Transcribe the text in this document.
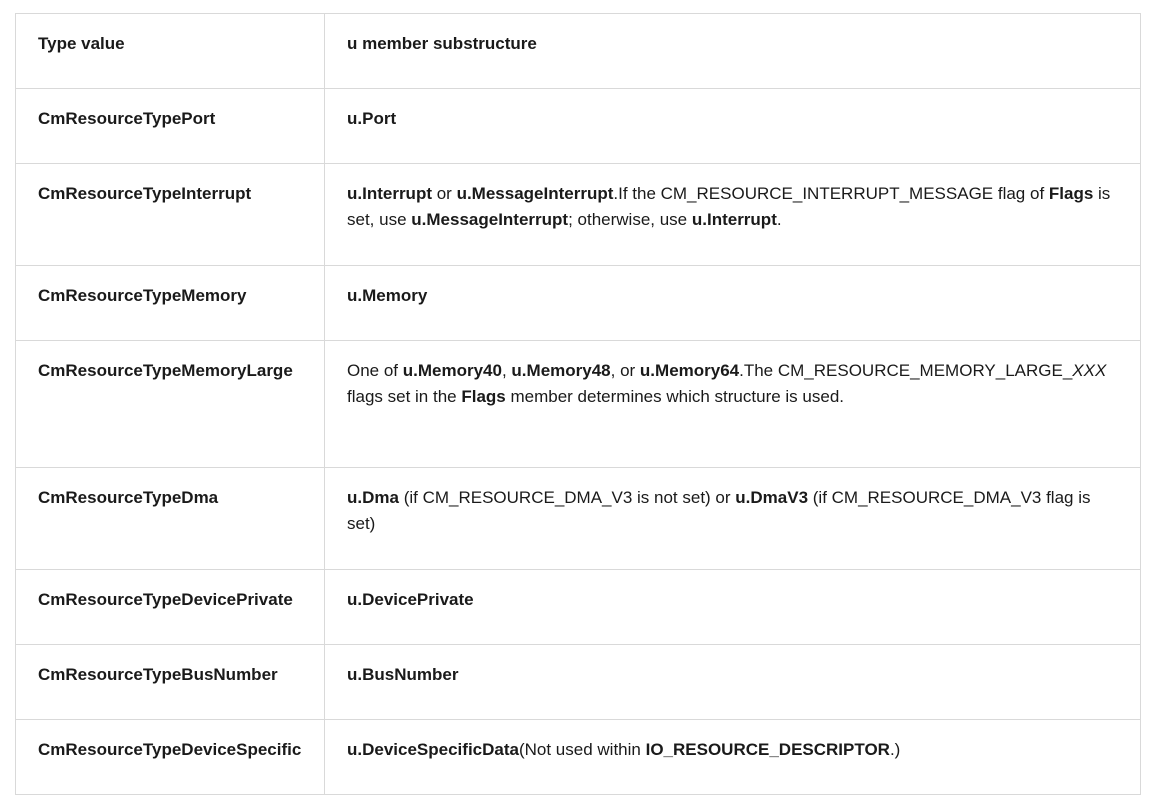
Type value	u member substructure
CmResourceTypePort	u.Port
CmResourceTypeInterrupt	u.Interrupt or u.MessageInterrupt.If the CM_RESOURCE_INTERRUPT_MESSAGE flag of Flags is set, use u.MessageInterrupt; otherwise, use u.Interrupt.
CmResourceTypeMemory	u.Memory
CmResourceTypeMemoryLarge	One of u.Memory40, u.Memory48, or u.Memory64.The CM_RESOURCE_MEMORY_LARGE_XXX flags set in the Flags member determines which structure is used.
CmResourceTypeDma	u.Dma (if CM_RESOURCE_DMA_V3 is not set) or u.DmaV3 (if CM_RESOURCE_DMA_V3 flag is set)
CmResourceTypeDevicePrivate	u.DevicePrivate
CmResourceTypeBusNumber	u.BusNumber
CmResourceTypeDeviceSpecific	u.DeviceSpecificData(Not used within IO_RESOURCE_DESCRIPTOR.)
